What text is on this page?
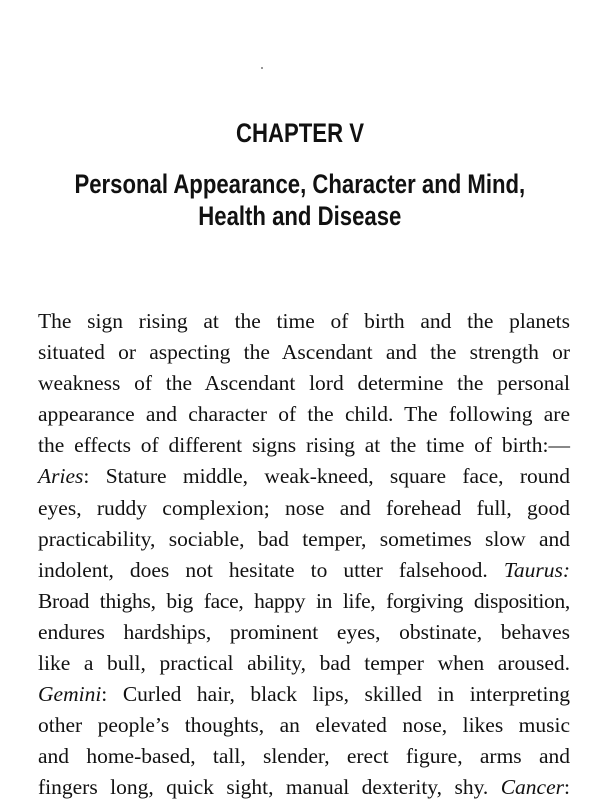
CHAPTER V
Personal Appearance, Character and Mind,
Health and Disease
The sign rising at the time of birth and the planets
situated or aspecting the Ascendant and the strength or
weakness of the Ascendant lord determine the personal
appearance and character of the child. The following are
the effects of different signs rising at the time of birth:—
Aries: Stature middle, weak-kneed, square face, round
eyes, ruddy complexion; nose and forehead full, good
practicability, sociable, bad temper, sometimes slow and
indolent, does not hesitate to utter falsehood. Taurus:
Broad thighs, big face, happy in life, forgiving disposition,
endures hardships, prominent eyes, obstinate, behaves
like a bull, practical ability, bad temper when aroused.
Gemini: Curled hair, black lips, skilled in interpreting
other people’s thoughts, an elevated nose, likes music
and home-based, tall, slender, erect figure, arms and
fingers long, quick sight, manual dexterity, shy. Cancer:
